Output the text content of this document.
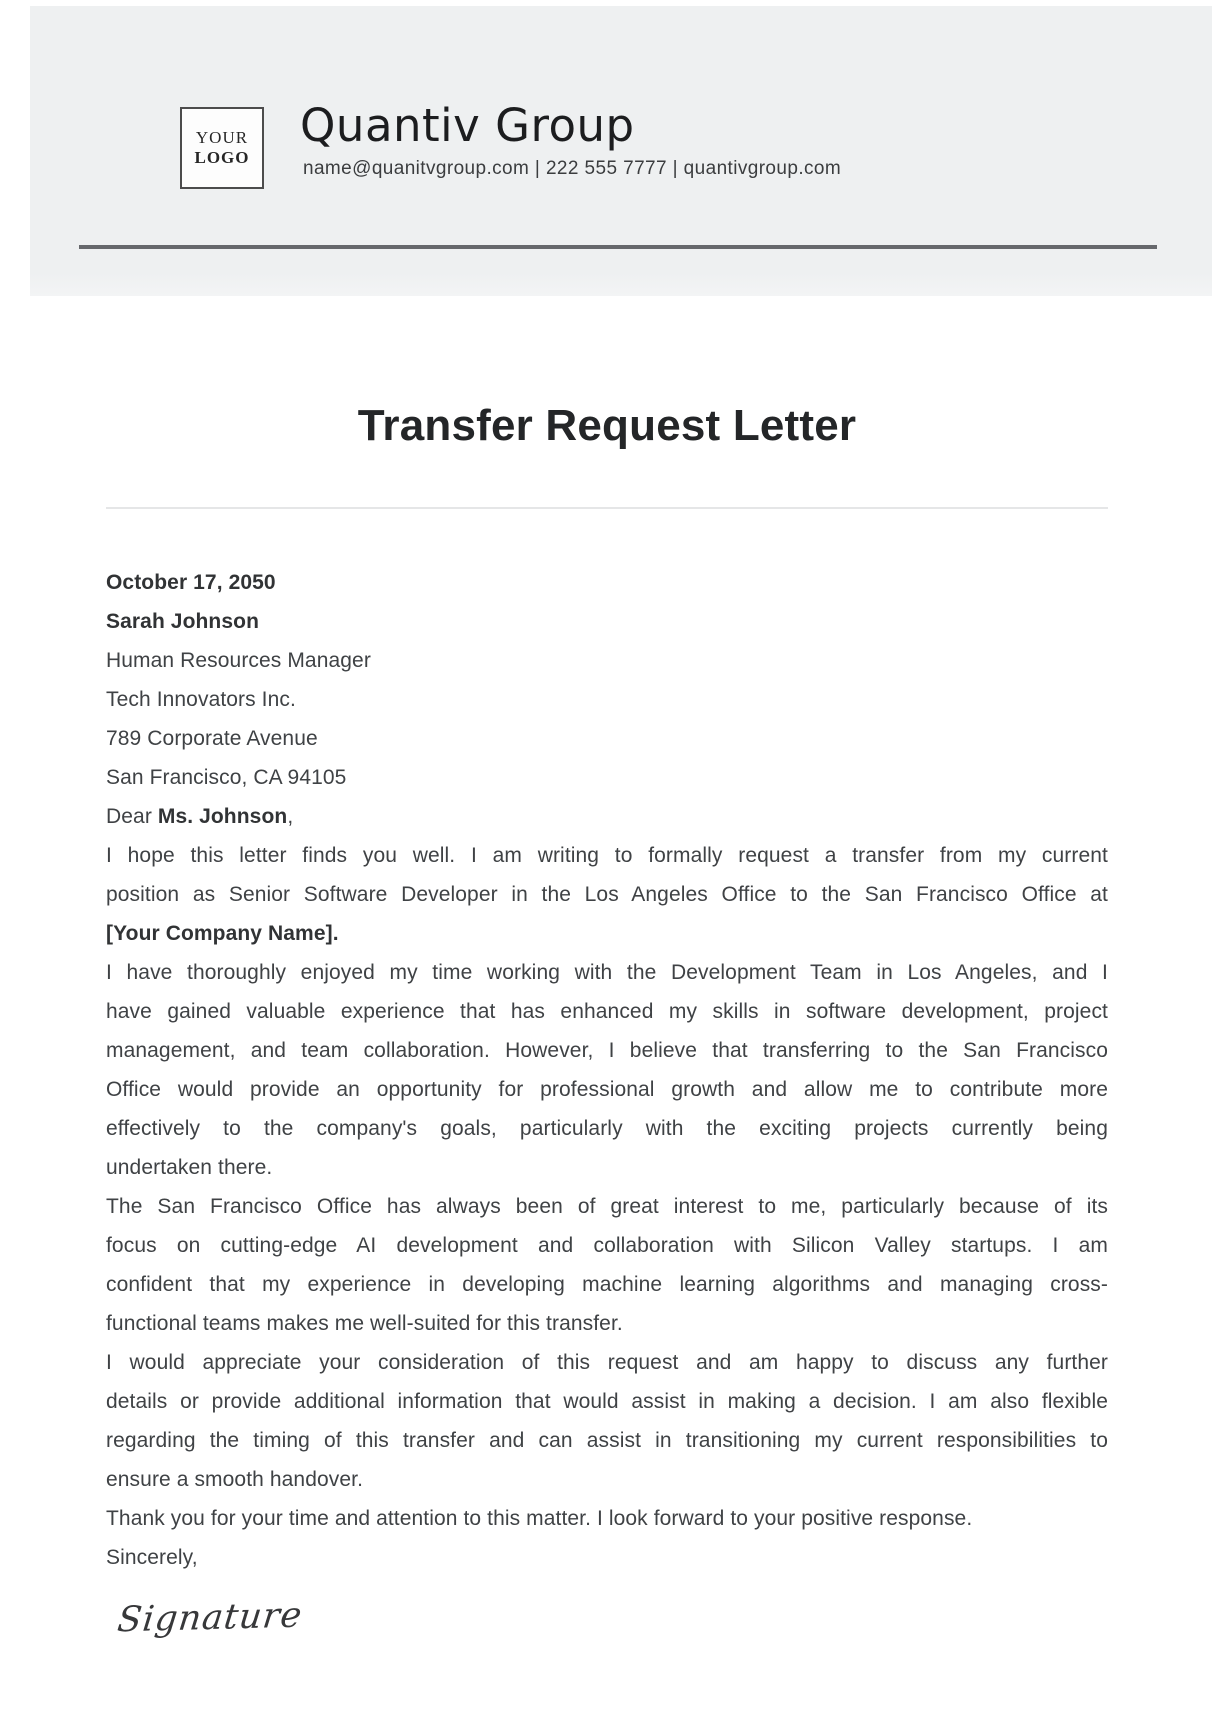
YOUR
LOGO
Quantiv Group
name@quanitvgroup.com | 222 555 7777 | quantivgroup.com
Transfer Request Letter
October 17, 2050
Sarah Johnson
Human Resources Manager
Tech Innovators Inc.
789 Corporate Avenue
San Francisco, CA 94105
Dear Ms. Johnson,
I hope this letter finds you well. I am writing to formally request a transfer from my current
position as Senior Software Developer in the Los Angeles Office to the San Francisco Office at
[Your Company Name].
I have thoroughly enjoyed my time working with the Development Team in Los Angeles, and I
have gained valuable experience that has enhanced my skills in software development, project
management, and team collaboration. However, I believe that transferring to the San Francisco
Office would provide an opportunity for professional growth and allow me to contribute more
effectively to the company's goals, particularly with the exciting projects currently being
undertaken there.
The San Francisco Office has always been of great interest to me, particularly because of its
focus on cutting-edge AI development and collaboration with Silicon Valley startups. I am
confident that my experience in developing machine learning algorithms and managing cross-
functional teams makes me well-suited for this transfer.
I would appreciate your consideration of this request and am happy to discuss any further
details or provide additional information that would assist in making a decision. I am also flexible
regarding the timing of this transfer and can assist in transitioning my current responsibilities to
ensure a smooth handover.
Thank you for your time and attention to this matter. I look forward to your positive response.
Sincerely,
Signature
